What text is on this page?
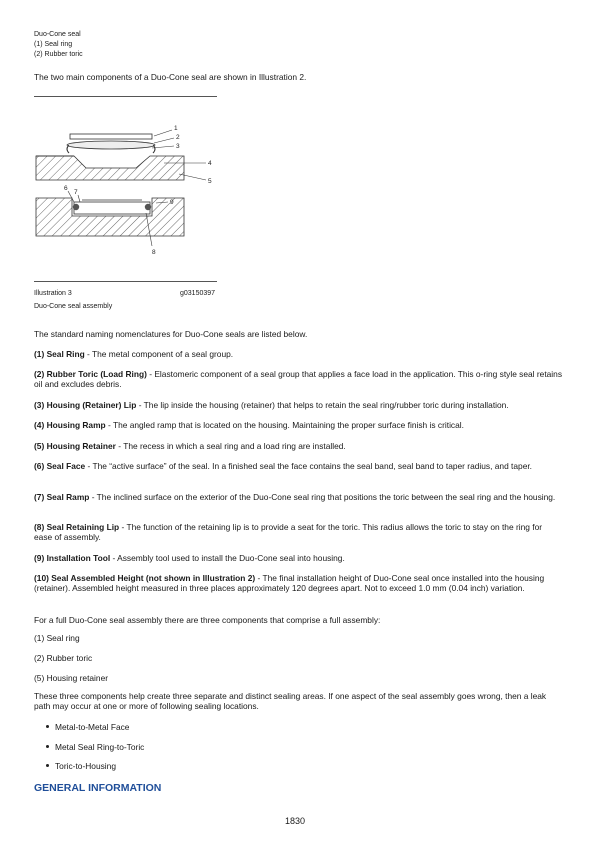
Duo-Cone seal
(1) Seal ring
(2) Rubber toric
The two main components of a Duo-Cone seal are shown in Illustration 2.
1
2
3
4
5
6
7
8
9
Illustration 3	g03150397
Duo-Cone seal assembly
The standard naming nomenclatures for Duo-Cone seals are listed below.
(1) Seal Ring - The metal component of a seal group.
(2) Rubber Toric (Load Ring) - Elastomeric component of a seal group that applies a face load in the application. This o-ring style seal retains oil and excludes debris.
(3) Housing (Retainer) Lip - The lip inside the housing (retainer) that helps to retain the seal ring/rubber toric during installation.
(4) Housing Ramp - The angled ramp that is located on the housing. Maintaining the proper surface finish is critical.
(5) Housing Retainer - The recess in which a seal ring and a load ring are installed.
(6) Seal Face - The “active surface” of the seal. In a finished seal the face contains the seal band, seal band to taper radius, and taper.
(7) Seal Ramp - The inclined surface on the exterior of the Duo-Cone seal ring that positions the toric between the seal ring and the housing.
(8) Seal Retaining Lip - The function of the retaining lip is to provide a seat for the toric. This radius allows the toric to stay on the ring for ease of assembly.
(9) Installation Tool - Assembly tool used to install the Duo-Cone seal into housing.
(10) Seal Assembled Height (not shown in Illustration 2) - The final installation height of Duo-Cone seal once installed into the housing (retainer). Assembled height measured in three places approximately 120 degrees apart. Not to exceed 1.0 mm (0.04 inch) variation.
For a full Duo-Cone seal assembly there are three components that comprise a full assembly:
(1) Seal ring
(2) Rubber toric
(5) Housing retainer
These three components help create three separate and distinct sealing areas. If one aspect of the seal assembly goes wrong, then a leak path may occur at one or more of following sealing locations.
Metal-to-Metal Face
Metal Seal Ring-to-Toric
Toric-to-Housing
GENERAL INFORMATION
1830
